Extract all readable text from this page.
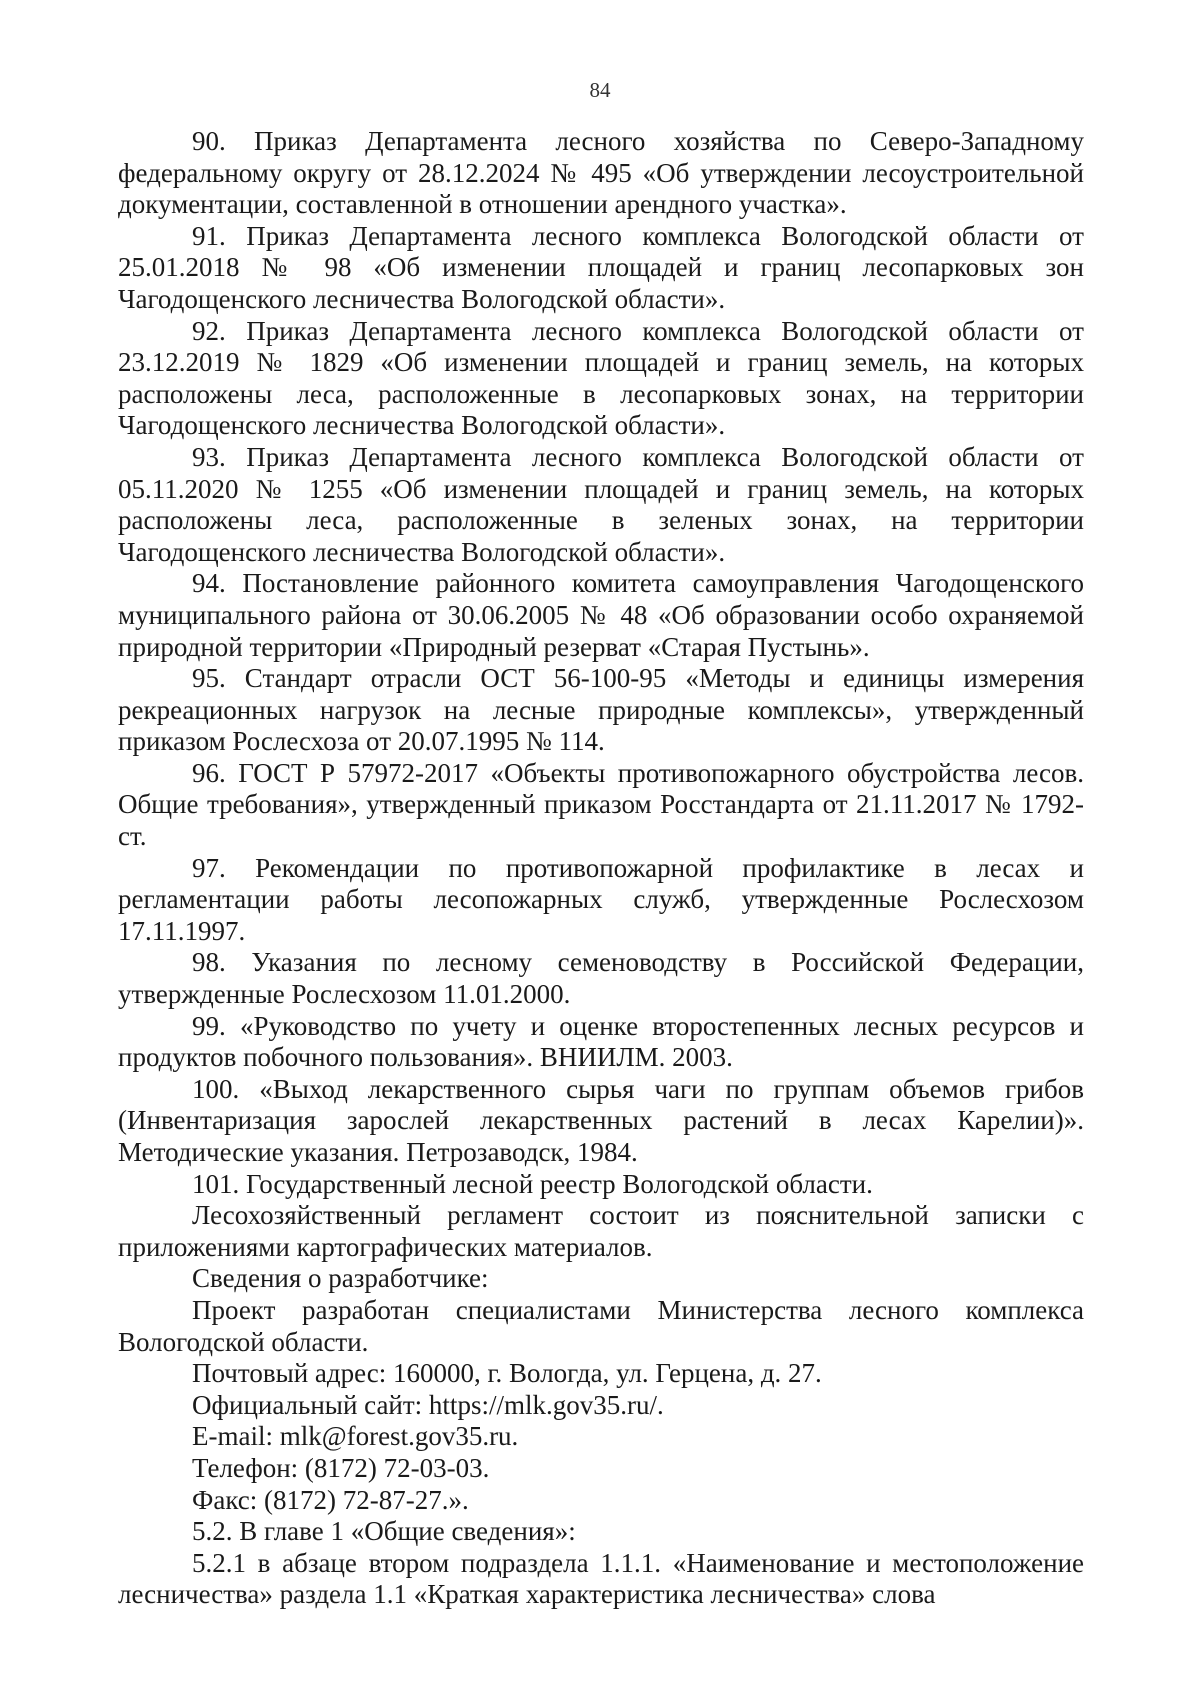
84

90. Приказ Департамента лесного хозяйства по Северо-Западному федеральному округу от 28.12.2024 № 495 «Об утверждении лесоустроительной документации, составленной в отношении арендного участка».

91. Приказ Департамента лесного комплекса Вологодской области от 25.01.2018 № 98 «Об изменении площадей и границ лесопарковых зон Чагодощенского лесничества Вологодской области».

92. Приказ Департамента лесного комплекса Вологодской области от 23.12.2019 № 1829 «Об изменении площадей и границ земель, на которых расположены леса, расположенные в лесопарковых зонах, на территории Чагодощенского лесничества Вологодской области».

93. Приказ Департамента лесного комплекса Вологодской области от 05.11.2020 № 1255 «Об изменении площадей и границ земель, на которых расположены леса, расположенные в зеленых зонах, на территории Чагодощенского лесничества Вологодской области».

94. Постановление районного комитета самоуправления Чагодощенского муниципального района от 30.06.2005 № 48 «Об образовании особо охраняемой природной территории «Природный резерват «Старая Пустынь».

95. Стандарт отрасли ОСТ 56-100-95 «Методы и единицы измерения рекреационных нагрузок на лесные природные комплексы», утвержденный приказом Рослесхоза от 20.07.1995 № 114.

96. ГОСТ Р 57972-2017 «Объекты противопожарного обустройства лесов. Общие требования», утвержденный приказом Росстандарта от 21.11.2017 № 1792-ст.

97. Рекомендации по противопожарной профилактике в лесах и регламентации работы лесопожарных служб, утвержденные Рослесхозом 17.11.1997.

98. Указания по лесному семеноводству в Российской Федерации, утвержденные Рослесхозом 11.01.2000.

99. «Руководство по учету и оценке второстепенных лесных ресурсов и продуктов побочного пользования». ВНИИЛМ. 2003.

100. «Выход лекарственного сырья чаги по группам объемов грибов (Инвентаризация зарослей лекарственных растений в лесах Карелии)». Методические указания. Петрозаводск, 1984.

101. Государственный лесной реестр Вологодской области.

Лесохозяйственный регламент состоит из пояснительной записки с приложениями картографических материалов.

Сведения о разработчике:

Проект разработан специалистами Министерства лесного комплекса Вологодской области.

Почтовый адрес: 160000, г. Вологда, ул. Герцена, д. 27.

Официальный сайт: https://mlk.gov35.ru/.

E-mail: mlk@forest.gov35.ru.

Телефон: (8172) 72-03-03.

Факс: (8172) 72-87-27.».

5.2. В главе 1 «Общие сведения»:

5.2.1 в абзаце втором подраздела 1.1.1. «Наименование и местоположение лесничества» раздела 1.1 «Краткая характеристика лесничества» слова
